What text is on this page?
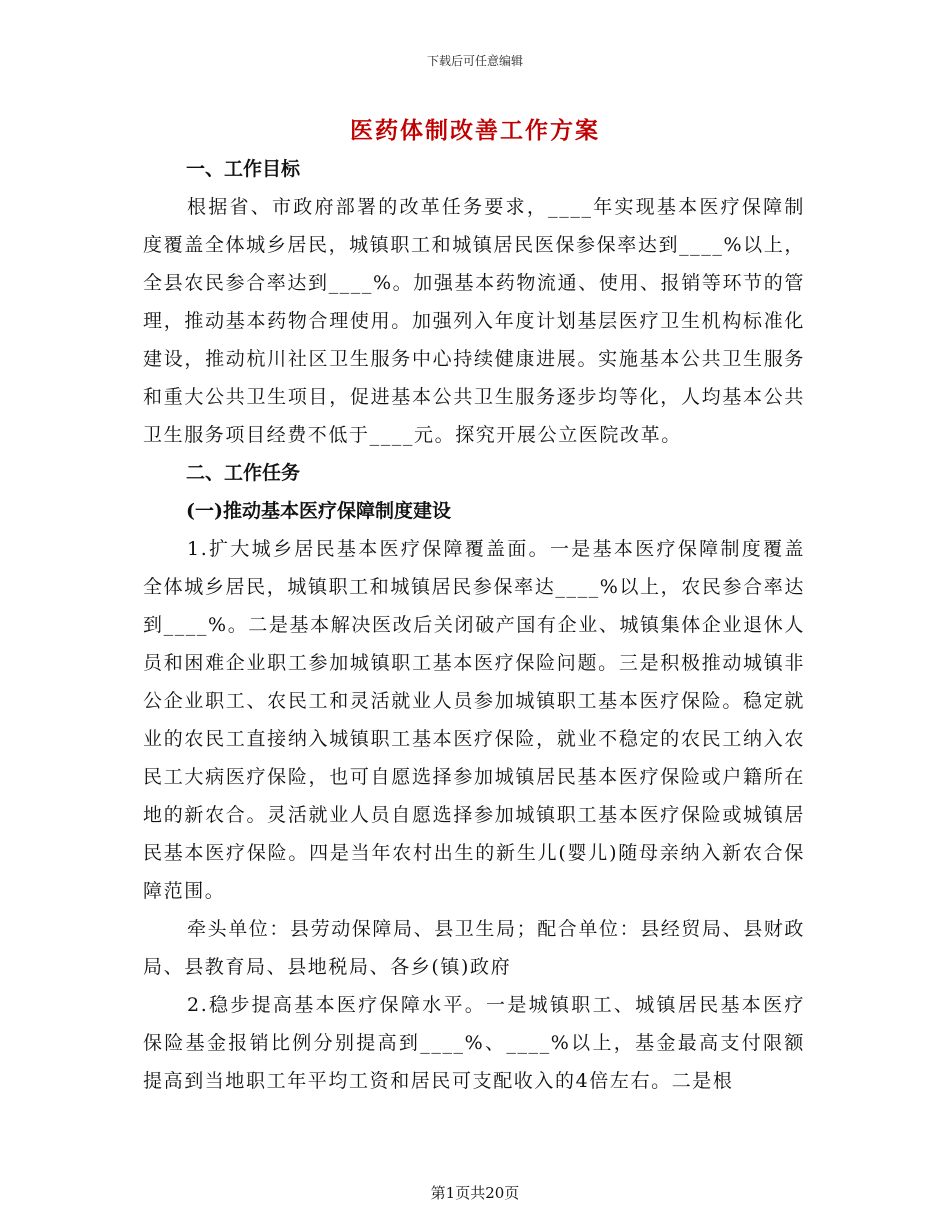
下载后可任意编辑
医药体制改善工作方案

一、工作目标

根据省、市政府部署的改革任务要求，____年实现基本医疗保障制度覆盖全体城乡居民，城镇职工和城镇居民医保参保率达到____%以上，全县农民参合率达到____%。加强基本药物流通、使用、报销等环节的管理，推动基本药物合理使用。加强列入年度计划基层医疗卫生机构标准化建设，推动杭川社区卫生服务中心持续健康进展。实施基本公共卫生服务和重大公共卫生项目，促进基本公共卫生服务逐步均等化，人均基本公共卫生服务项目经费不低于____元。探究开展公立医院改革。

二、工作任务

(一)推动基本医疗保障制度建设

1.扩大城乡居民基本医疗保障覆盖面。一是基本医疗保障制度覆盖全体城乡居民，城镇职工和城镇居民参保率达____%以上，农民参合率达到____%。二是基本解决医改后关闭破产国有企业、城镇集体企业退休人员和困难企业职工参加城镇职工基本医疗保险问题。三是积极推动城镇非公企业职工、农民工和灵活就业人员参加城镇职工基本医疗保险。稳定就业的农民工直接纳入城镇职工基本医疗保险，就业不稳定的农民工纳入农民工大病医疗保险，也可自愿选择参加城镇居民基本医疗保险或户籍所在地的新农合。灵活就业人员自愿选择参加城镇职工基本医疗保险或城镇居民基本医疗保险。四是当年农村出生的新生儿(婴儿)随母亲纳入新农合保障范围。

牵头单位：县劳动保障局、县卫生局；配合单位：县经贸局、县财政局、县教育局、县地税局、各乡(镇)政府

2.稳步提高基本医疗保障水平。一是城镇职工、城镇居民基本医疗保险基金报销比例分别提高到____%、____%以上，基金最高支付限额提高到当地职工年平均工资和居民可支配收入的4倍左右。二是根

第1页共20页
